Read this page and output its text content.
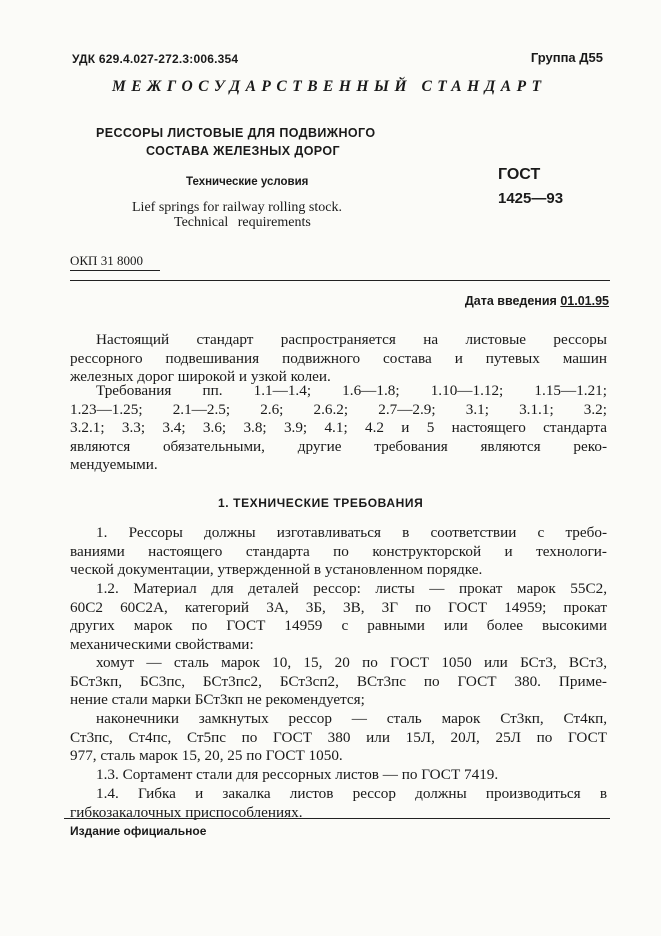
УДК 629.4.027-272.3:006.354	Группа Д55
МЕЖГОСУДАРСТВЕННЫЙ СТАНДАРТ
РЕССОРЫ ЛИСТОВЫЕ ДЛЯ ПОДВИЖНОГО
СОСТАВА ЖЕЛЕЗНЫХ ДОРОГ
Технические условия
Lief springs for railway rolling stock.
Technical requirements
ГОСТ
1425—93
ОКП 31 8000
Дата введения 01.01.95
Настоящий стандарт распространяется на листовые рессоры
рессорного подвешивания подвижного состава и путевых машин
железных дорог широкой и узкой колеи.
Требования пп. 1.1—1.4; 1.6—1.8; 1.10—1.12; 1.15—1.21;
1.23—1.25; 2.1—2.5; 2.6; 2.6.2; 2.7—2.9; 3.1; 3.1.1; 3.2;
3.2.1; 3.3; 3.4; 3.6; 3.8; 3.9; 4.1; 4.2 и 5 настоящего стандарта
являются обязательными, другие требования являются реко-
мендуемыми.
1. ТЕХНИЧЕСКИЕ ТРЕБОВАНИЯ
1. Рессоры должны изготавливаться в соответствии с требо-
ваниями настоящего стандарта по конструкторской и технологи-
ческой документации, утвержденной в установленном порядке.
1.2. Материал для деталей рессор: листы — прокат марок 55С2,
60С2 60С2А, категорий 3А, 3Б, 3В, 3Г по ГОСТ 14959; прокат
других марок по ГОСТ 14959 с равными или более высокими
механическими свойствами:
хомут — сталь марок 10, 15, 20 по ГОСТ 1050 или БСт3, ВСт3,
БСт3кп, БС3пс, БСт3пс2, БСт3сп2, ВСт3пс по ГОСТ 380. Приме-
нение стали марки БСт3кп не рекомендуется;
наконечники замкнутых рессор — сталь марок Ст3кп, Ст4кп,
Ст3пс, Ст4пс, Ст5пс по ГОСТ 380 или 15Л, 20Л, 25Л по ГОСТ
977, сталь марок 15, 20, 25 по ГОСТ 1050.
1.3. Сортамент стали для рессорных листов — по ГОСТ 7419.
1.4. Гибка и закалка листов рессор должны производиться в
гибкозакалочных приспособлениях.
Издание официальное
